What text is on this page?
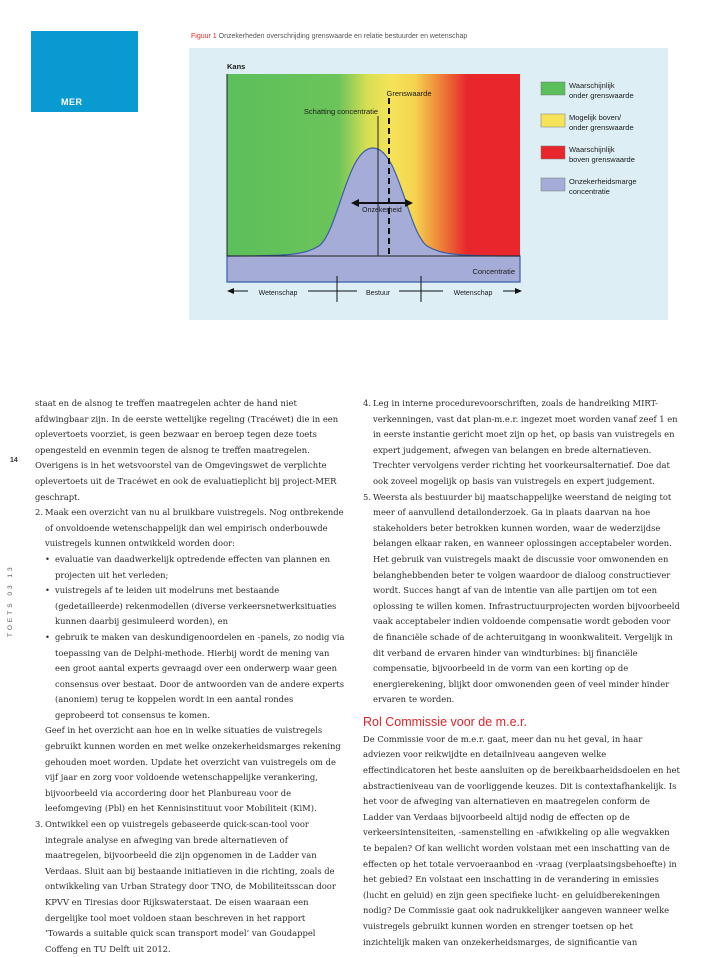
MER
Figuur 1 Onzekerheden overschrijding grenswaarde en relatie bestuurder en wetenschap
Kans
Concentratie
Schatting concentratie
Grenswaarde
Onzekerheid
Wetenschap	Bestuur	Wetenschap
Waarschijnlijk
onder grenswaarde
Mogelijk boven/
onder grenswaarde
Waarschijnlijk
boven grenswaarde
Onzekerheidsmarge
concentratie
14
TOETS 03 13

staat en de alsnog te treffen maatregelen achter de hand niet afdwingbaar zijn. In de eerste wettelijke regeling (Tracéwet) die in een oplevertoets voorziet, is geen bezwaar en beroep tegen deze toets opengesteld en evenmin tegen de alsnog te treffen maatregelen. Overigens is in het wetsvoorstel van de Omgevingswet de verplichte oplevertoets uit de Tracéwet en ook de evaluatieplicht bij project-MER geschrapt.

2. Maak een overzicht van nu al bruikbare vuistregels. Nog ontbrekende of onvoldoende wetenschappelijk dan wel empirisch onderbouwde vuistregels kunnen ontwikkeld worden door:

• evaluatie van daadwerkelijk optredende effecten van plannen en projecten uit het verleden;

• vuistregels af te leiden uit modelruns met bestaande (gedetailleerde) rekenmodellen (diverse verkeersnetwerksituaties kunnen daarbij gesimuleerd worden), en

• gebruik te maken van deskundigenoordelen en -panels, zo nodig via toepassing van de Delphi-methode. Hierbij wordt de mening van een groot aantal experts gevraagd over een onderwerp waar geen consensus over bestaat. Door de antwoorden van de andere experts (anoniem) terug te koppelen wordt in een aantal rondes geprobeerd tot consensus te komen.

Geef in het overzicht aan hoe en in welke situaties de vuistregels gebruikt kunnen worden en met welke onzekerheidsmarges rekening gehouden moet worden. Update het overzicht van vuistregels om de vijf jaar en zorg voor voldoende wetenschappelijke verankering, bijvoorbeeld via accordering door het Planbureau voor de leefomgeving (Pbl) en het Kennisinstituut voor Mobiliteit (KiM).

3. Ontwikkel een op vuistregels gebaseerde quick-scan-tool voor integrale analyse en afweging van brede alternatieven of maatregelen, bijvoorbeeld die zijn opgenomen in de Ladder van Verdaas. Sluit aan bij bestaande initiatieven in die richting, zoals de ontwikkeling van Urban Strategy door TNO, de Mobiliteitsscan door KPVV en Tiresias door Rijkswaterstaat. De eisen waaraan een dergelijke tool moet voldoen staan beschreven in het rapport ‘Towards a suitable quick scan transport model’ van Goudappel Coffeng en TU Delft uit 2012.

4. Leg in interne procedurevoorschriften, zoals de handreiking MIRT-verkenningen, vast dat plan-m.e.r. ingezet moet worden vanaf zeef 1 en in eerste instantie gericht moet zijn op het, op basis van vuistregels en expert judgement, afwegen van belangen en brede alternatieven. Trechter vervolgens verder richting het voorkeursalternatief. Doe dat ook zoveel mogelijk op basis van vuistregels en expert judgement.

5. Weersta als bestuurder bij maatschappelijke weerstand de neiging tot meer of aanvullend detailonderzoek. Ga in plaats daarvan na hoe stakeholders beter betrokken kunnen worden, waar de wederzijdse belangen elkaar raken, en wanneer oplossingen acceptabeler worden. Het gebruik van vuistregels maakt de discussie voor omwonenden en belanghebbenden beter te volgen waardoor de dialoog constructiever wordt. Succes hangt af van de intentie van alle partijen om tot een oplossing te willen komen. Infrastructuurprojecten worden bijvoorbeeld vaak acceptabeler indien voldoende compensatie wordt geboden voor de financiële schade of de achteruitgang in woonkwaliteit. Vergelijk in dit verband de ervaren hinder van windturbines: bij financiële compensatie, bijvoorbeeld in de vorm van een korting op de energierekening, blijkt door omwonenden geen of veel minder hinder ervaren te worden.

Rol Commissie voor de m.e.r.

De Commissie voor de m.e.r. gaat, meer dan nu het geval, in haar adviezen voor reikwijdte en detailniveau aangeven welke effectindicatoren het beste aansluiten op de bereikbaarheidsdoelen en het abstractieniveau van de voorliggende keuzes. Dit is contextafhankelijk. Is het voor de afweging van alternatieven en maatregelen conform de Ladder van Verdaas bijvoorbeeld altijd nodig de effecten op de verkeersintensiteiten, -samenstelling en -afwikkeling op alle wegvakken te bepalen? Of kan wellicht worden volstaan met een inschatting van de effecten op het totale vervoeraanbod en -vraag (verplaatsingsbehoefte) in het gebied? En volstaat een inschatting in de verandering in emissies (lucht en geluid) en zijn geen specifieke lucht- en geluidberekeningen nodig? De Commissie gaat ook nadrukkelijker aangeven wanneer welke vuistregels gebruikt kunnen worden en strenger toetsen op het inzichtelijk maken van onzekerheidsmarges, de significantie van
